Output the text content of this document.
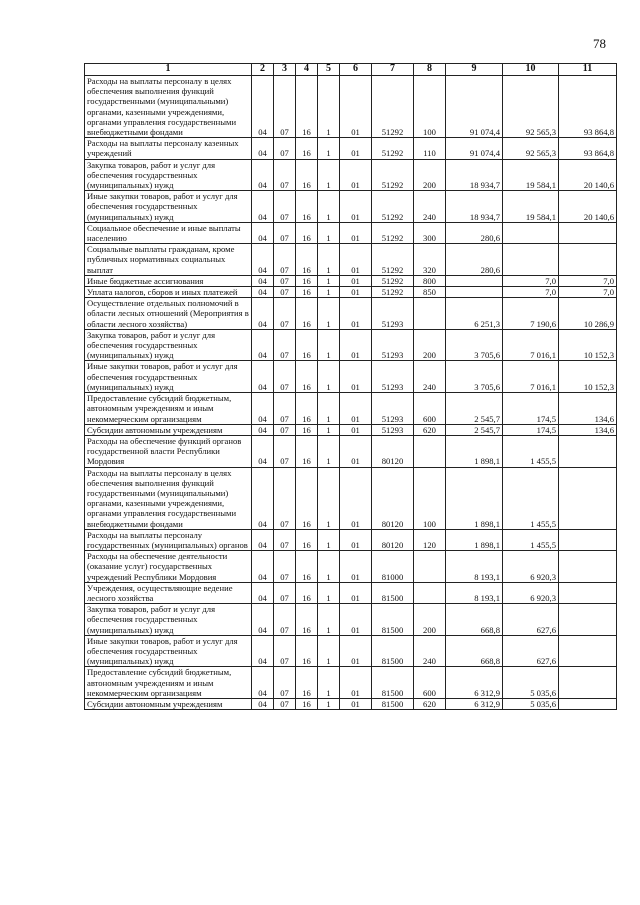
78
1	2	3	4	5	6	7	8	9	10	11
Расходы на выплаты персоналу в целях обеспечения выполнения функций государственными (муниципальными) органами, казенными учреждениями, органами управления государственными внебюджетными фондами	04	07	16	1	01	51292	100	91 074,4	92 565,3	93 864,8
Расходы на выплаты персоналу казенных учреждений	04	07	16	1	01	51292	110	91 074,4	92 565,3	93 864,8
Закупка товаров, работ и услуг для обеспечения государственных (муниципальных) нужд	04	07	16	1	01	51292	200	18 934,7	19 584,1	20 140,6
Иные закупки товаров, работ и услуг для обеспечения государственных (муниципальных) нужд	04	07	16	1	01	51292	240	18 934,7	19 584,1	20 140,6
Социальное обеспечение и иные выплаты населению	04	07	16	1	01	51292	300	280,6		
Социальные выплаты гражданам, кроме публичных нормативных социальных выплат	04	07	16	1	01	51292	320	280,6		
Иные бюджетные ассигнования	04	07	16	1	01	51292	800		7,0	7,0
Уплата налогов, сборов и иных платежей	04	07	16	1	01	51292	850		7,0	7,0
Осуществление отдельных полномочий в области лесных отношений (Мероприятия в области лесного хозяйства)	04	07	16	1	01	51293		6 251,3	7 190,6	10 286,9
Закупка товаров, работ и услуг для обеспечения государственных (муниципальных) нужд	04	07	16	1	01	51293	200	3 705,6	7 016,1	10 152,3
Иные закупки товаров, работ и услуг для обеспечения государственных (муниципальных) нужд	04	07	16	1	01	51293	240	3 705,6	7 016,1	10 152,3
Предоставление субсидий бюджетным, автономным учреждениям и иным некоммерческим организациям	04	07	16	1	01	51293	600	2 545,7	174,5	134,6
Субсидии автономным учреждениям	04	07	16	1	01	51293	620	2 545,7	174,5	134,6
Расходы на обеспечение функций органов государственной власти Республики Мордовия	04	07	16	1	01	80120		1 898,1	1 455,5	
Расходы на выплаты персоналу в целях обеспечения выполнения функций государственными (муниципальными) органами, казенными учреждениями, органами управления государственными внебюджетными фондами	04	07	16	1	01	80120	100	1 898,1	1 455,5	
Расходы на выплаты персоналу государственных (муниципальных) органов	04	07	16	1	01	80120	120	1 898,1	1 455,5	
Расходы на обеспечение деятельности (оказание услуг) государственных учреждений Республики Мордовия	04	07	16	1	01	81000		8 193,1	6 920,3	
Учреждения, осуществляющие ведение лесного хозяйства	04	07	16	1	01	81500		8 193,1	6 920,3	
Закупка товаров, работ и услуг для обеспечения государственных (муниципальных) нужд	04	07	16	1	01	81500	200	668,8	627,6	
Иные закупки товаров, работ и услуг для обеспечения государственных (муниципальных) нужд	04	07	16	1	01	81500	240	668,8	627,6	
Предоставление субсидий бюджетным, автономным учреждениям и иным некоммерческим организациям	04	07	16	1	01	81500	600	6 312,9	5 035,6	
Субсидии автономным учреждениям	04	07	16	1	01	81500	620	6 312,9	5 035,6	
